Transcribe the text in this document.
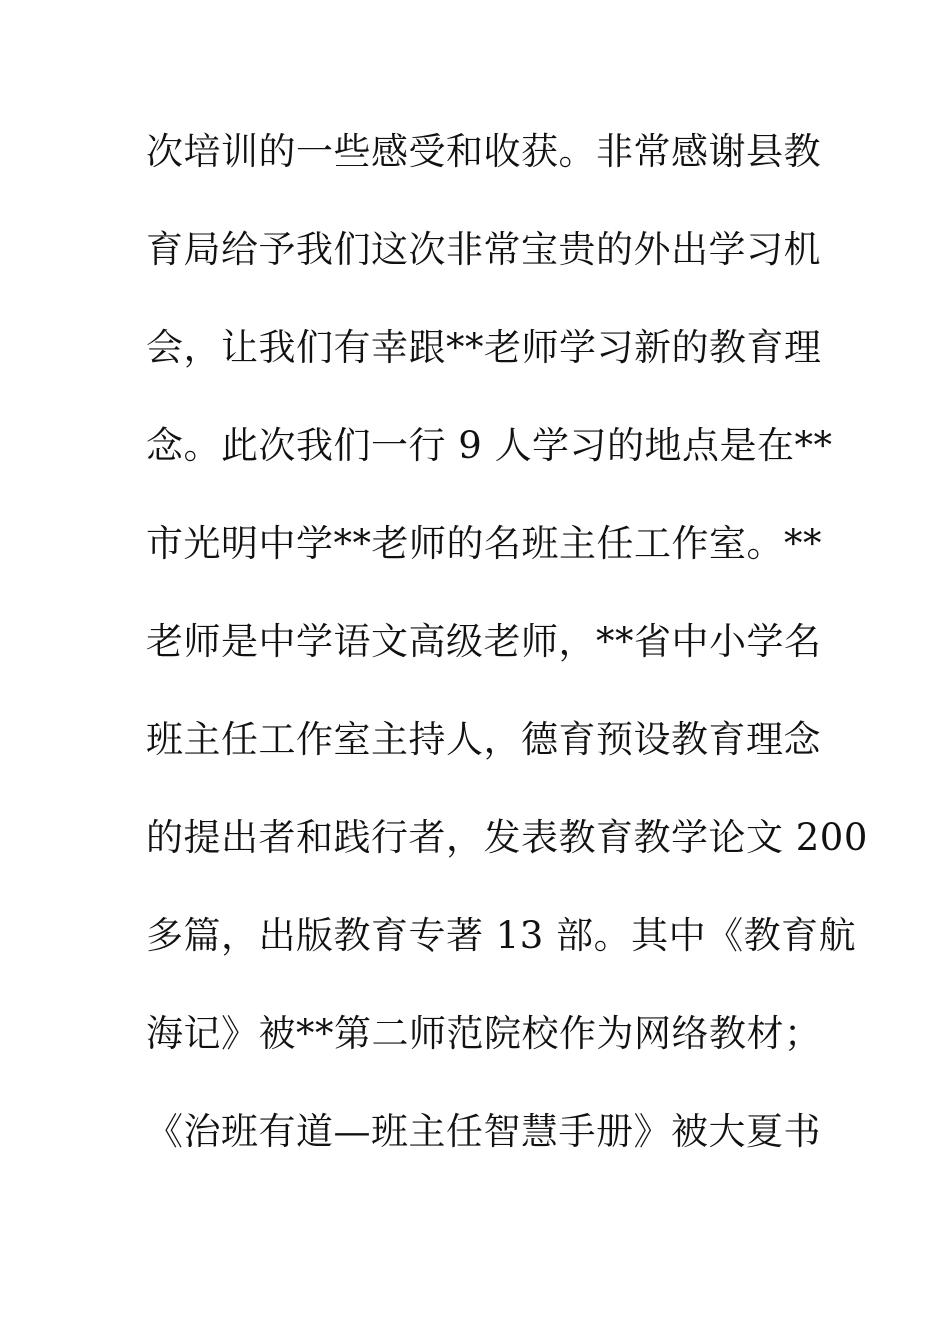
次培训的一些感受和收获。非常感谢县教
育局给予我们这次非常宝贵的外出学习机
会，让我们有幸跟**老师学习新的教育理
念。此次我们一行 9 人学习的地点是在**
市光明中学**老师的名班主任工作室。**
老师是中学语文高级老师，**省中小学名
班主任工作室主持人，德育预设教育理念
的提出者和践行者，发表教育教学论文 200
多篇，出版教育专著 13 部。其中《教育航
海记》被**第二师范院校作为网络教材；
《治班有道—班主任智慧手册》被大夏书
